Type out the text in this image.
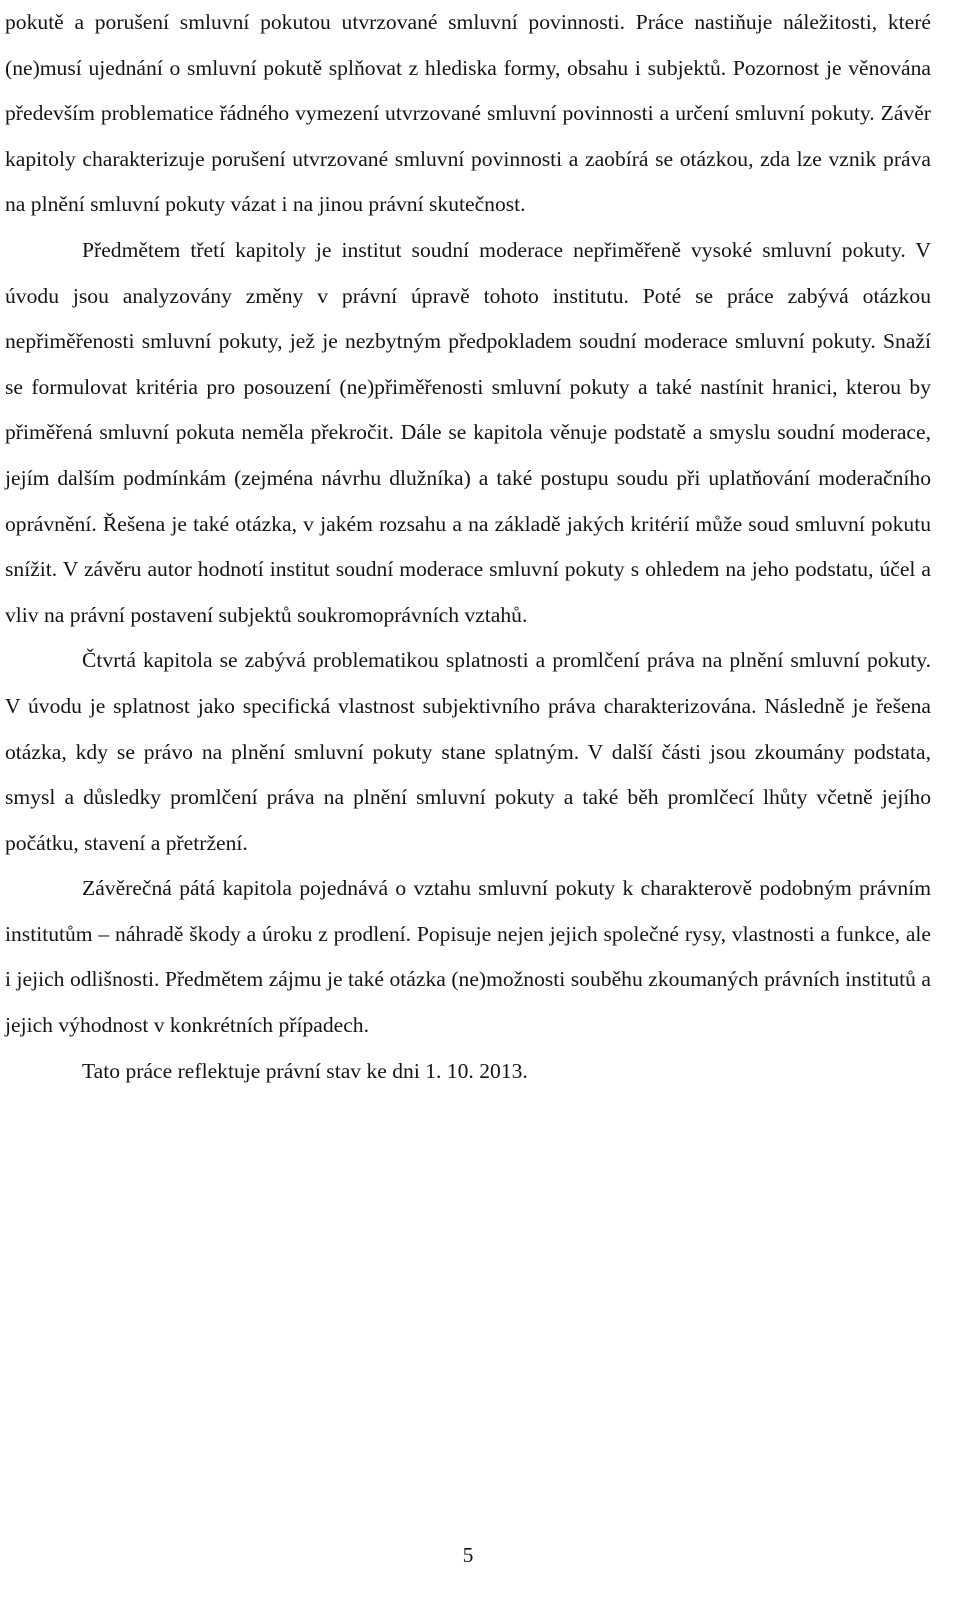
pokutě a porušení smluvní pokutou utvrzované smluvní povinnosti. Práce nastiňuje náležitosti, které (ne)musí ujednání o smluvní pokutě splňovat z hlediska formy, obsahu i subjektů. Pozornost je věnována především problematice řádného vymezení utvrzované smluvní povinnosti a určení smluvní pokuty. Závěr kapitoly charakterizuje porušení utvrzované smluvní povinnosti a zaobírá se otázkou, zda lze vznik práva na plnění smluvní pokuty vázat i na jinou právní skutečnost.

Předmětem třetí kapitoly je institut soudní moderace nepřiměřeně vysoké smluvní pokuty. V úvodu jsou analyzovány změny v právní úpravě tohoto institutu. Poté se práce zabývá otázkou nepřiměřenosti smluvní pokuty, jež je nezbytným předpokladem soudní moderace smluvní pokuty. Snaží se formulovat kritéria pro posouzení (ne)přiměřenosti smluvní pokuty a také nastínit hranici, kterou by přiměřená smluvní pokuta neměla překročit. Dále se kapitola věnuje podstatě a smyslu soudní moderace, jejím dalším podmínkám (zejména návrhu dlužníka) a také postupu soudu při uplatňování moderačního oprávnění. Řešena je také otázka, v jakém rozsahu a na základě jakých kritérií může soud smluvní pokutu snížit. V závěru autor hodnotí institut soudní moderace smluvní pokuty s ohledem na jeho podstatu, účel a vliv na právní postavení subjektů soukromoprávních vztahů.

Čtvrtá kapitola se zabývá problematikou splatnosti a promlčení práva na plnění smluvní pokuty. V úvodu je splatnost jako specifická vlastnost subjektivního práva charakterizována. Následně je řešena otázka, kdy se právo na plnění smluvní pokuty stane splatným. V další části jsou zkoumány podstata, smysl a důsledky promlčení práva na plnění smluvní pokuty a také běh promlčecí lhůty včetně jejího počátku, stavení a přetržení.

Závěrečná pátá kapitola pojednává o vztahu smluvní pokuty k charakterově podobným právním institutům – náhradě škody a úroku z prodlení. Popisuje nejen jejich společné rysy, vlastnosti a funkce, ale i jejich odlišnosti. Předmětem zájmu je také otázka (ne)možnosti souběhu zkoumaných právních institutů a jejich výhodnost v konkrétních případech.

Tato práce reflektuje právní stav ke dni 1. 10. 2013.

5
